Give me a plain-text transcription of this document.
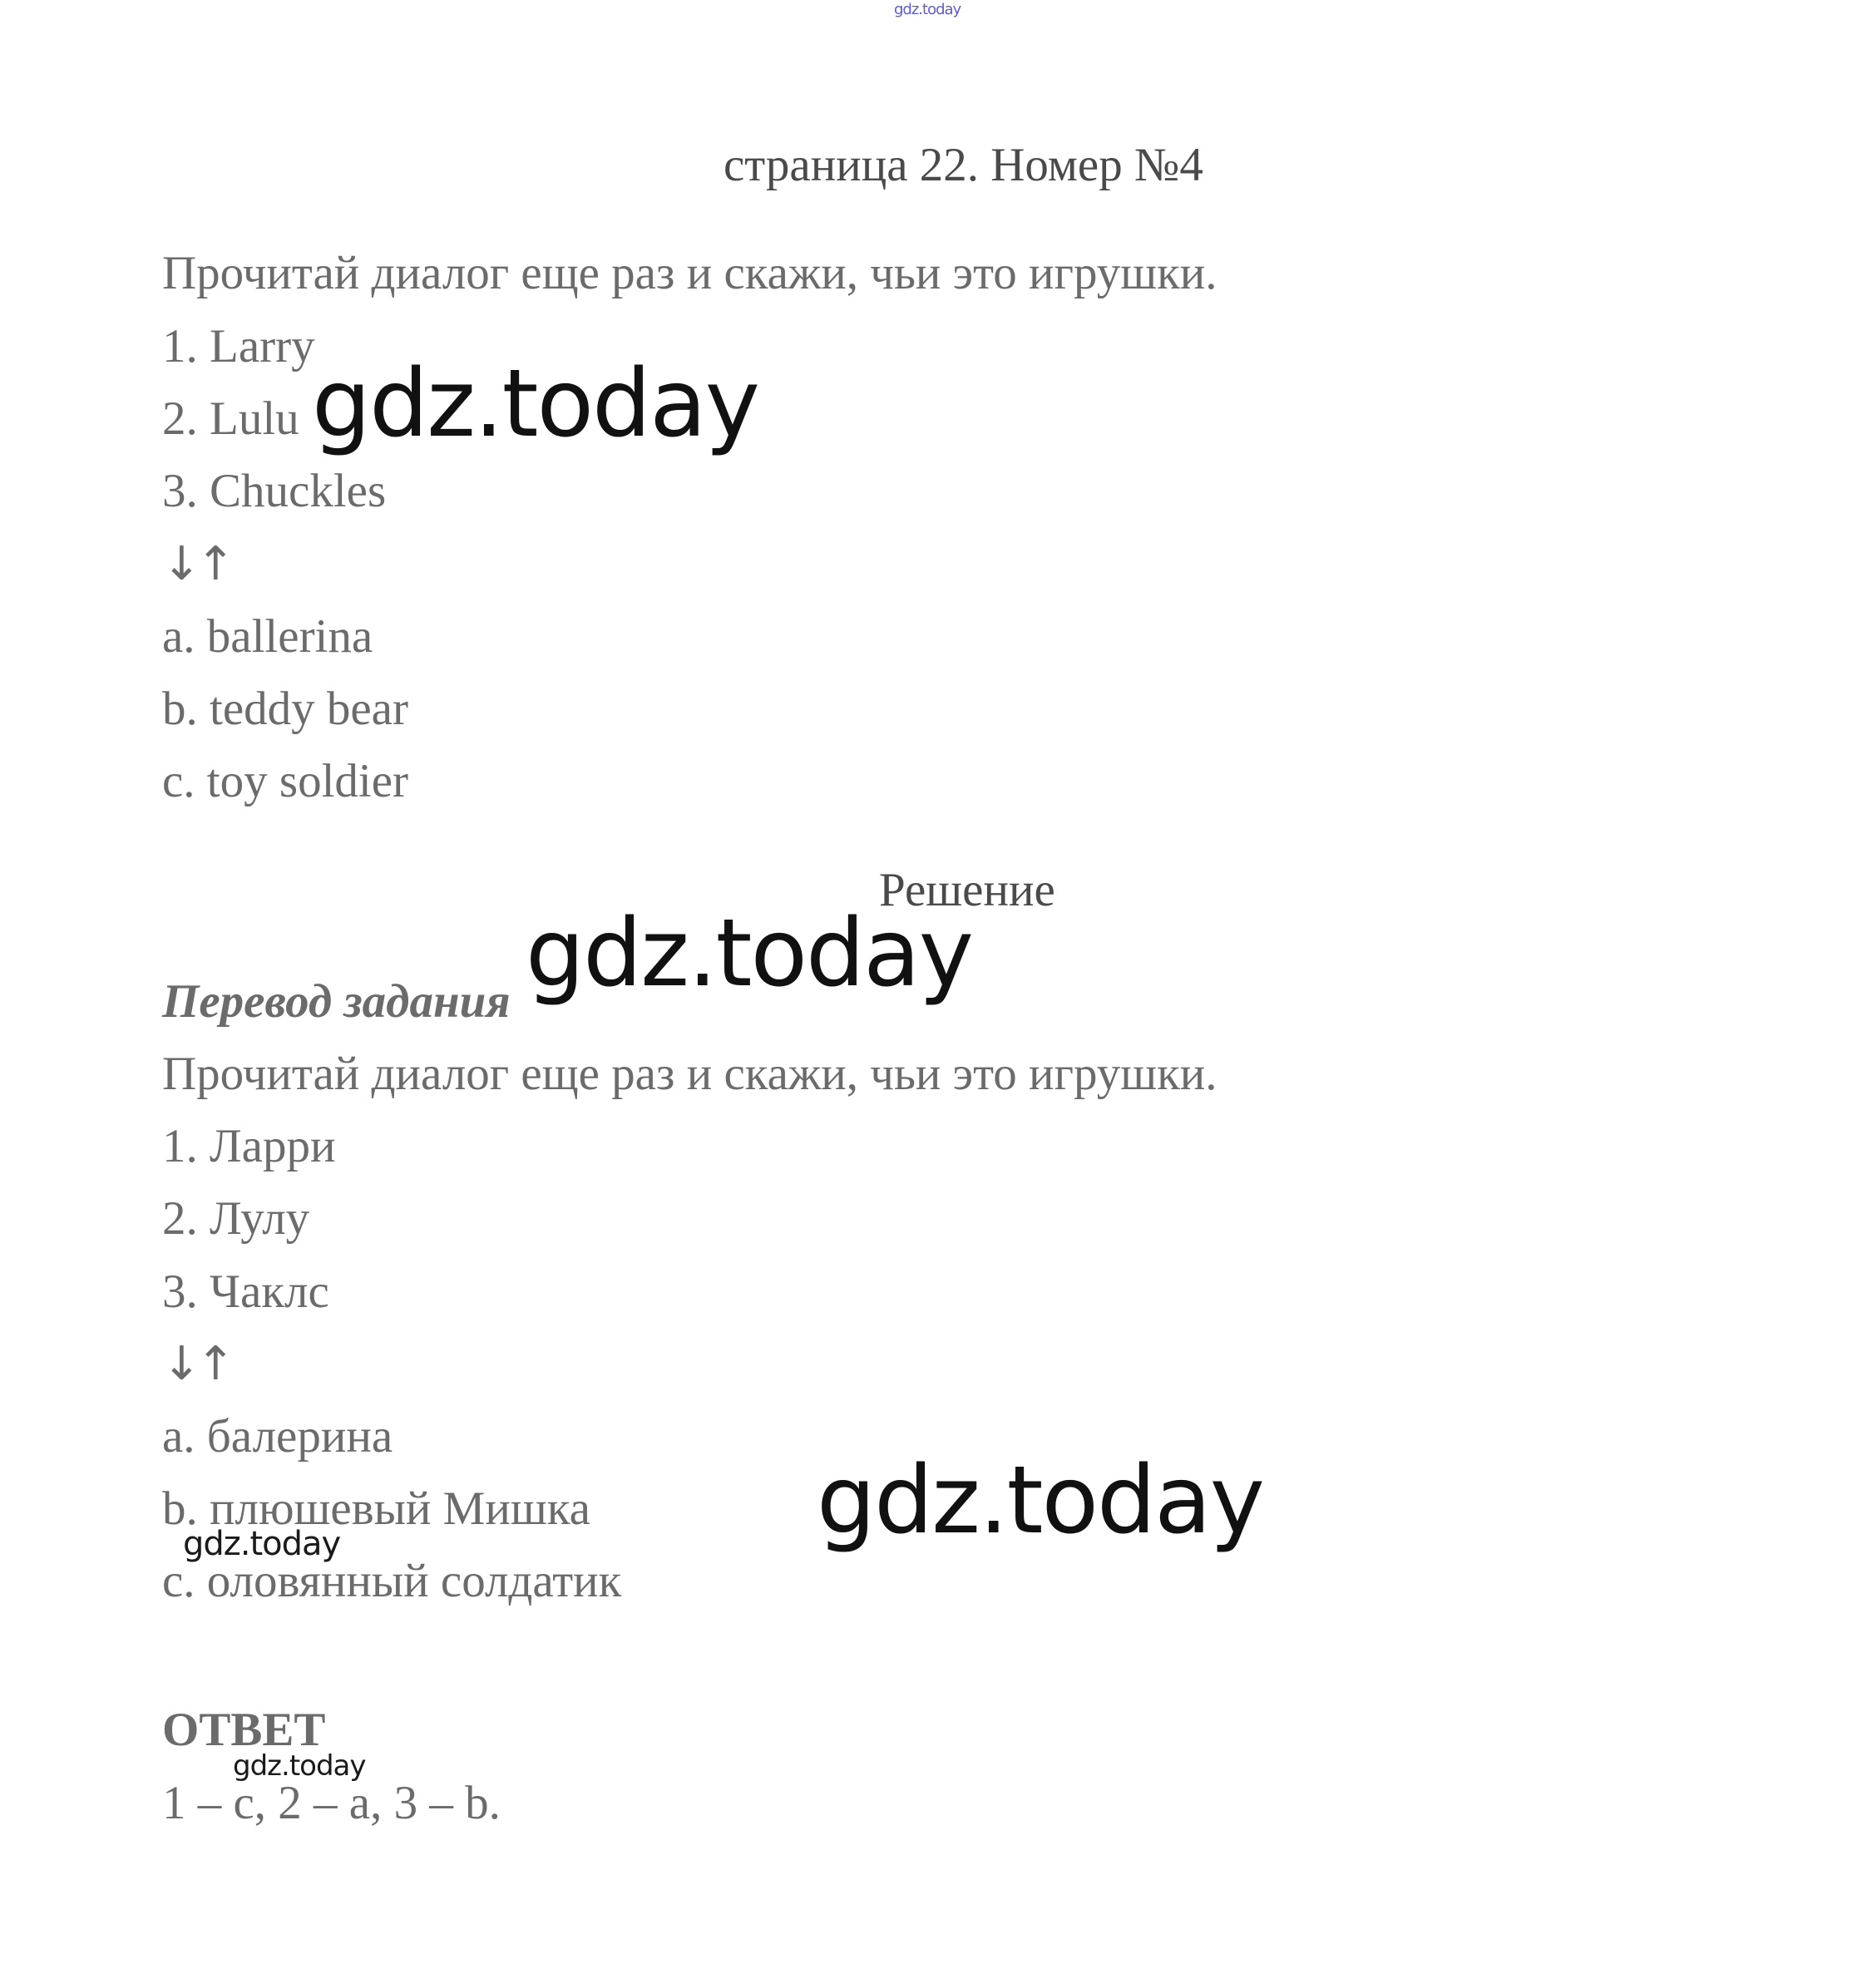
gdz.today
страница 22. Номер №4
Прочитай диалог еще раз и скажи, чьи это игрушки.
1. Larry
2. Lulu
3. Chuckles
↓↑
a. ballerina
b. teddy bear
c. toy soldier
gdz.today
Решение
gdz.today
Перевод задания
Прочитай диалог еще раз и скажи, чьи это игрушки.
1. Ларри
2. Лулу
3. Чаклс
↓↑
a. балерина
b. плюшевый Мишка
c. оловянный солдатик
gdz.today
gdz.today
ОТВЕТ
gdz.today
1 – c, 2 – a, 3 – b.
